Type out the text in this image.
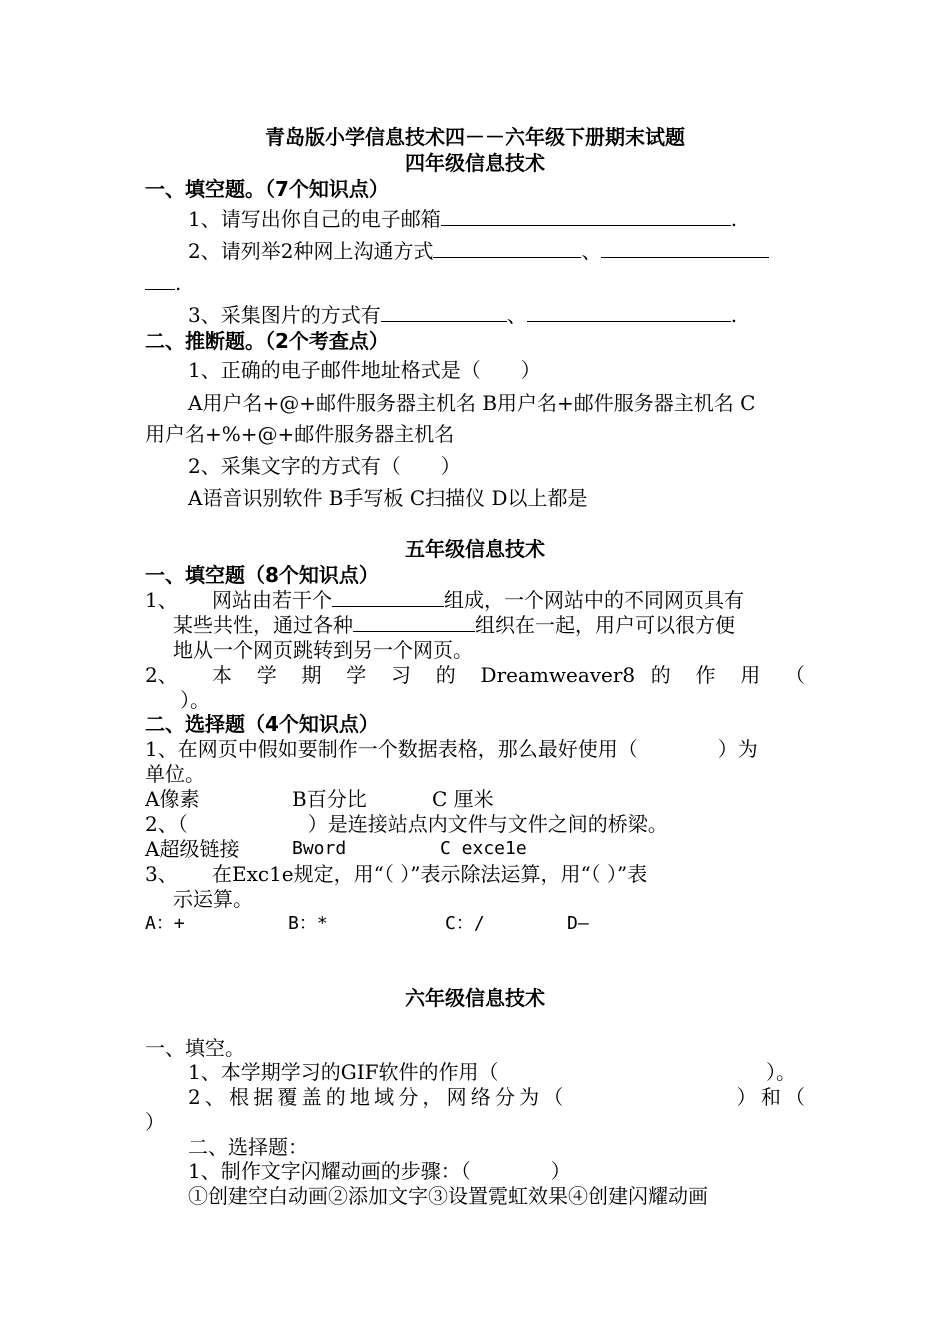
青岛版小学信息技术四－－六年级下册期末试题
四年级信息技术
一、填空题。（7个知识点）
1、请写出你自己的电子邮箱	.
2、请列举2种网上沟通方式	、
.
3、采集图片的方式有	、	.
二、推断题。（2个考查点）
1、正确的电子邮件地址格式是（　　）
A用户名+@+邮件服务器主机名 B用户名+邮件服务器主机名 C
用户名+%+@+邮件服务器主机名
2、采集文字的方式有（　　）
A语音识别软件 B手写板 C扫描仪 D以上都是
五年级信息技术
一、填空题（8个知识点）
1、 网站由若干个	组成，一个网站中的不同网页具有
某些共性，通过各种	组织在一起，用户可以很方便
地从一个网页跳转到另一个网页。
2、 本 学 期 学 习 的 Dreamweaver8 的 作 用 （
）。
二、选择题（4个知识点）
1、在网页中假如要制作一个数据表格，那么最好使用（　　　　）为
单位。
A像素	B百分比	C 厘米
2、（　　　　　　）是连接站点内文件与文件之间的桥梁。
A超级链接	Bword	C exce1e
3、 在Exc1e规定，用“（ ）”表示除法运算，用“（ ）”表
示运算。
A：+	B：*	C：/	D—
六年级信息技术
一、填空。
1、本学期学习的GIF软件的作用（	）。
2、根据覆盖的地域分，网络分为（　　　　　　　）和（
）
二、选择题：
1、制作文字闪耀动画的步骤：（　　　　）
①创建空白动画②添加文字③设置霓虹效果④创建闪耀动画
